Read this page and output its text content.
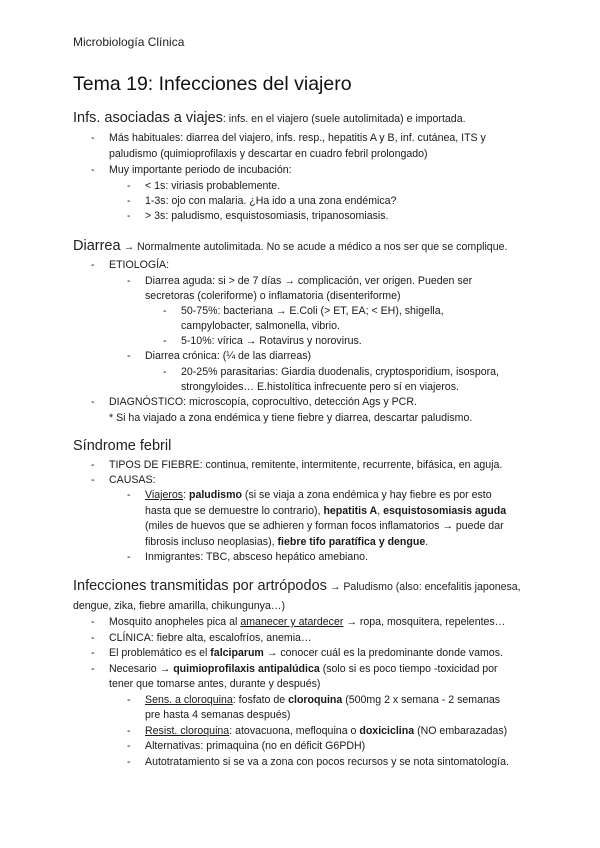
Microbiología Clínica
Tema 19: Infecciones del viajero
Infs. asociadas a viajes: infs. en el viajero (suele autolimitada) e importada.
- Más habituales: diarrea del viajero, infs. resp., hepatitis A y B, inf. cutánea, ITS y
paludismo (quimioprofilaxis y descartar en cuadro febril prolongado)
- Muy importante periodo de incubación:
- < 1s: viriasis probablemente.
- 1-3s: ojo con malaria. ¿Ha ido a una zona endémica?
- > 3s: paludismo, esquistosomiasis, tripanosomiasis.
Diarrea → Normalmente autolimitada. No se acude a médico a nos ser que se complique.
- ETIOLOGÍA:
- Diarrea aguda: si > de 7 días → complicación, ver origen. Pueden ser
secretoras (coleriforme) o inflamatoria (disenteriforme)
- 50-75%: bacteriana → E.Coli (> ET, EA; < EH), shigella,
campylobacter, salmonella, vibrio.
- 5-10%: vírica → Rotavirus y norovirus.
- Diarrea crónica: (¼ de las diarreas)
- 20-25% parasitarias: Giardia duodenalis, cryptosporidium, isospora,
strongyloides… E.histolítica infrecuente pero sí en viajeros.
- DIAGNÓSTICO: microscopía, coprocultivo, detección Ags y PCR.
* Si ha viajado a zona endémica y tiene fiebre y diarrea, descartar paludismo.
Síndrome febril
- TIPOS DE FIEBRE: continua, remitente, intermitente, recurrente, bifásica, en aguja.
- CAUSAS:
- Viajeros: paludismo (si se viaja a zona endémica y hay fiebre es por esto
hasta que se demuestre lo contrario), hepatitis A, esquistosomiasis aguda
(miles de huevos que se adhieren y forman focos inflamatorios → puede dar
fibrosis incluso neoplasias), fiebre tifo paratífica y dengue.
- Inmigrantes: TBC, absceso hepático amebiano.
Infecciones transmitidas por artrópodos → Paludismo (also: encefalitis japonesa,
dengue, zika, fiebre amarilla, chikungunya…)
- Mosquito anopheles pica al amanecer y atardecer → ropa, mosquitera, repelentes…
- CLÍNICA: fiebre alta, escalofríos, anemia…
- El problemático es el falciparum → conocer cuál es la predominante donde vamos.
- Necesario → quimioprofilaxis antipalúdica (solo si es poco tiempo -toxicidad por
tener que tomarse antes, durante y después)
- Sens. a cloroquina: fosfato de cloroquina (500mg 2 x semana - 2 semanas
pre hasta 4 semanas después)
- Resist. cloroquina: atovacuona, mefloquina o doxiciclina (NO embarazadas)
- Alternativas: primaquina (no en déficit G6PDH)
- Autotratamiento si se va a zona con pocos recursos y se nota sintomatología.
